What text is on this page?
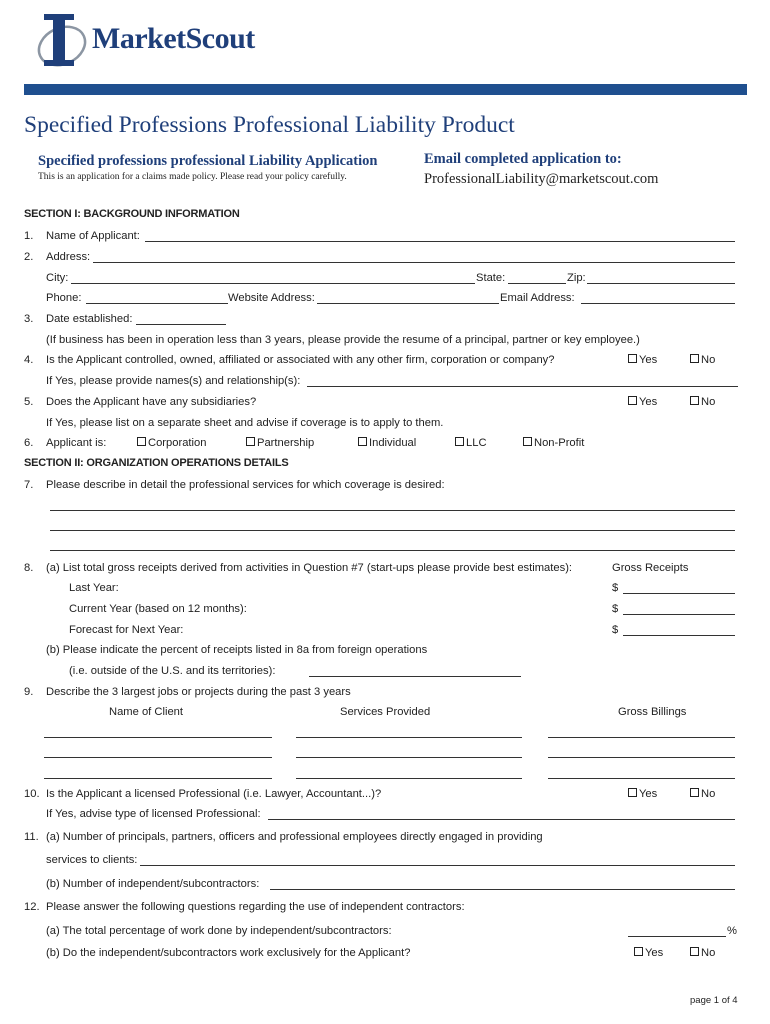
MarketScout
Specified Professions Professional Liability Product
Specified professions professional Liability Application
This is an application for a claims made policy. Please read your policy carefully.
Email completed application to:
ProfessionalLiability@marketscout.com
SECTION I: BACKGROUND INFORMATION
1. Name of Applicant:
2. Address:
City:	State:	Zip:
Phone:	Website Address:	Email Address:
3. Date established:
(If business has been in operation less than 3 years, please provide the resume of a principal, partner or key employee.)
4. Is the Applicant controlled, owned, affiliated or associated with any other firm, corporation or company?	Yes	No
If Yes, please provide names(s) and relationship(s):
5. Does the Applicant have any subsidiaries?	Yes	No
If Yes, please list on a separate sheet and advise if coverage is to apply to them.
6. Applicant is:	Corporation	Partnership	Individual	LLC	Non-Profit
SECTION II: ORGANIZATION OPERATIONS DETAILS
7. Please describe in detail the professional services for which coverage is desired:
8. (a) List total gross receipts derived from activities in Question #7 (start-ups please provide best estimates):	Gross Receipts
Last Year:	$
Current Year (based on 12 months):	$
Forecast for Next Year:	$
(b) Please indicate the percent of receipts listed in 8a from foreign operations
(i.e. outside of the U.S. and its territories):
9. Describe the 3 largest jobs or projects during the past 3 years
Name of Client	Services Provided	Gross Billings
10. Is the Applicant a licensed Professional (i.e. Lawyer, Accountant...)?	Yes	No
If Yes, advise type of licensed Professional:
11. (a) Number of principals, partners, officers and professional employees directly engaged in providing
services to clients:
(b) Number of independent/subcontractors:
12. Please answer the following questions regarding the use of independent contractors:
(a) The total percentage of work done by independent/subcontractors:	%
(b) Do the independent/subcontractors work exclusively for the Applicant?	Yes	No
page 1 of 4
